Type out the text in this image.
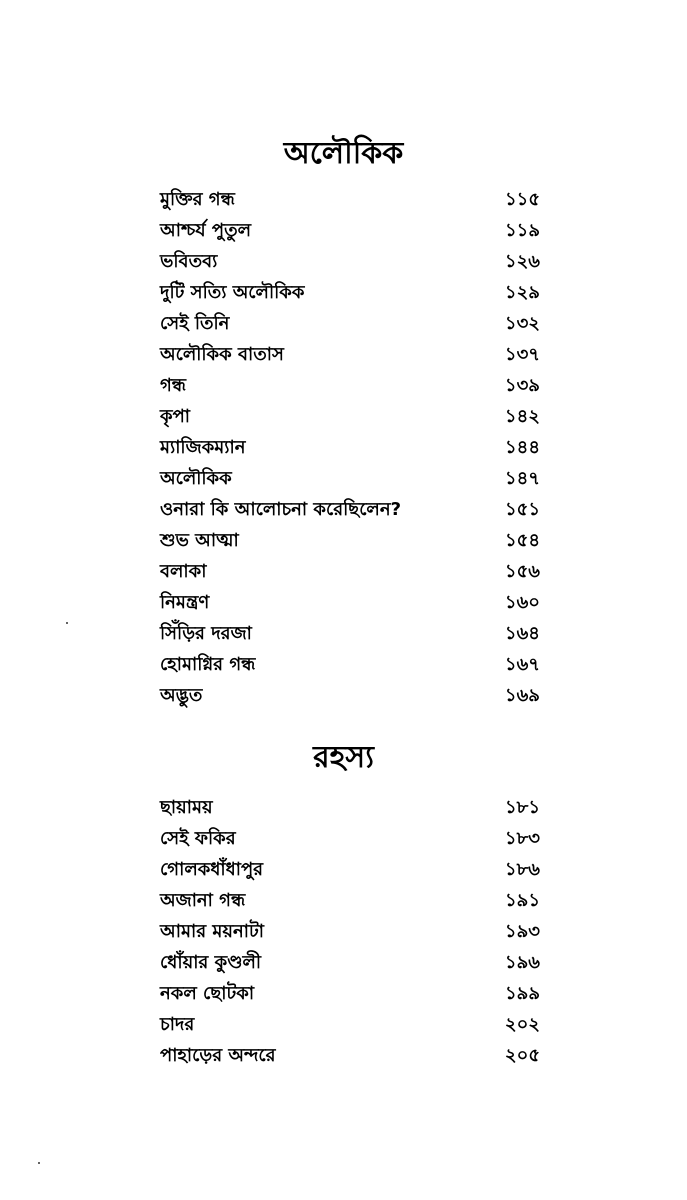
অলৌকিক
মুক্তির গন্ধ	১১৫
আশ্চর্য পুতুল	১১৯
ভবিতব্য	১২৬
দুটি সত্যি অলৌকিক	১২৯
সেই তিনি	১৩২
অলৌকিক বাতাস	১৩৭
গন্ধ	১৩৯
কৃপা	১৪২
ম্যাজিকম্যান	১৪৪
অলৌকিক	১৪৭
ওনারা কি আলোচনা করেছিলেন?	১৫১
শুভ আত্মা	১৫৪
বলাকা	১৫৬
নিমন্ত্রণ	১৬০
সিঁড়ির দরজা	১৬৪
হোমাগ্নির গন্ধ	১৬৭
অদ্ভুত	১৬৯
রহস্য
ছায়াময়	১৮১
সেই ফকির	১৮৩
গোলকধাঁধাপুর	১৮৬
অজানা গন্ধ	১৯১
আমার ময়নাটা	১৯৩
ধোঁয়ার কুণ্ডলী	১৯৬
নকল ছোটকা	১৯৯
চাদর	২০২
পাহাড়ের অন্দরে	২০৫
